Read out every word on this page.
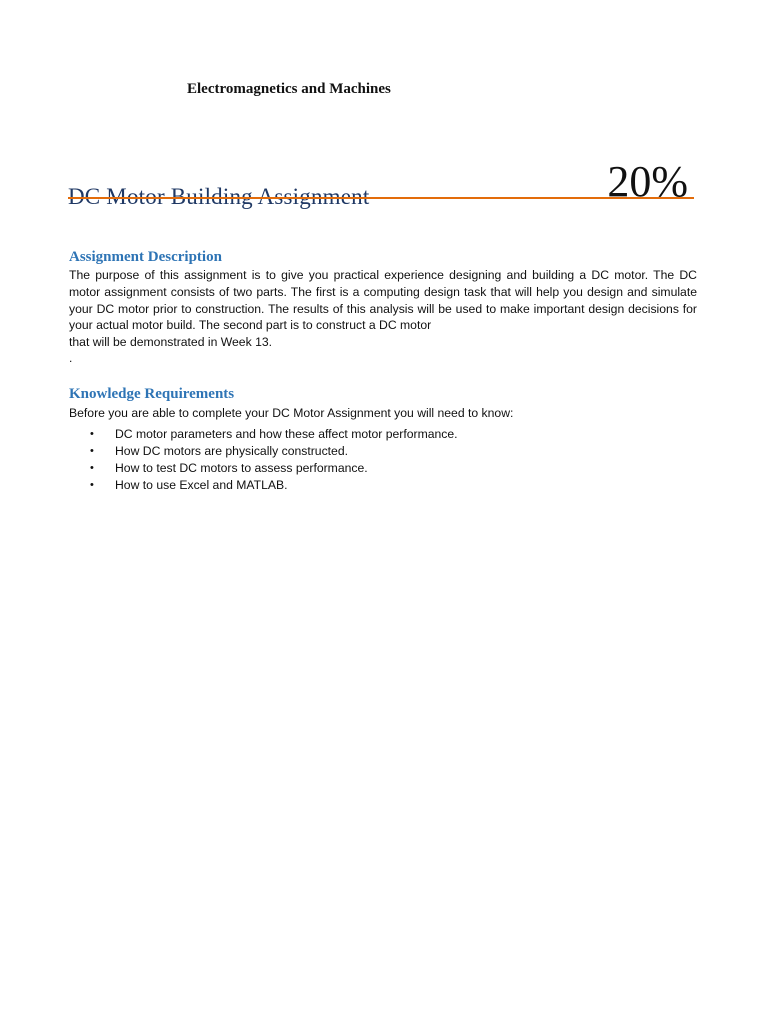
Electromagnetics and Machines
DC Motor Building Assignment	20%
Assignment Description
The purpose of this assignment is to give you practical experience designing and building a DC motor. The DC motor assignment consists of two parts. The first is a computing design task that will help you design and simulate your DC motor prior to construction. The results of this analysis will be used to make important design decisions for your actual motor build. The second part is to construct a DC motor
that will be demonstrated in Week 13.
.
Knowledge Requirements
Before you are able to complete your DC Motor Assignment you will need to know:
• DC motor parameters and how these affect motor performance.
• How DC motors are physically constructed.
• How to test DC motors to assess performance.
• How to use Excel and MATLAB.
